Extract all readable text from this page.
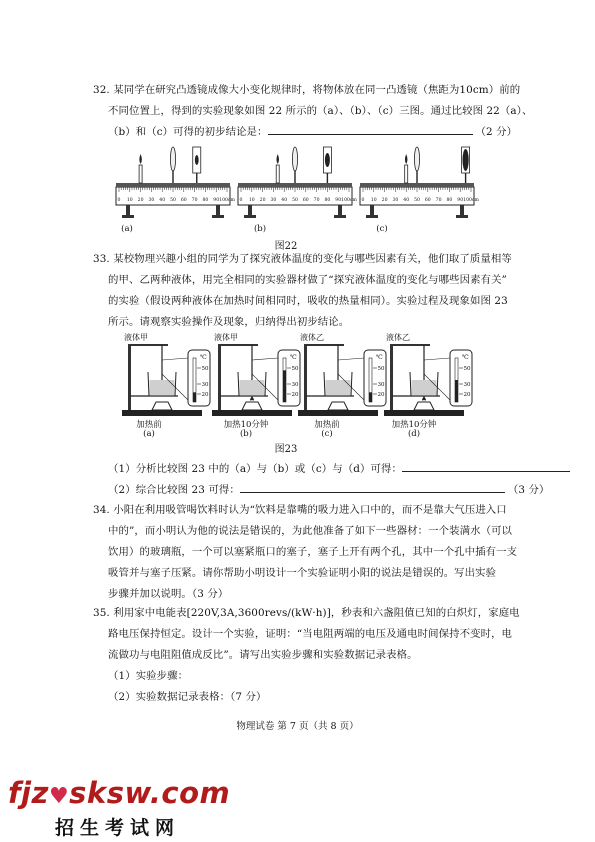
32. 某同学在研究凸透镜成像大小变化规律时，将物体放在同一凸透镜（焦距为10cm）前的
不同位置上，得到的实验现象如图 22 所示的（a）、（b）、（c）三图。通过比较图 22（a）、
（b）和（c）可得的初步结论是：	（2 分）
0 10 20 30 40 50 60 70 80 90 100cm 0 10 20 30 40 50 60 70 80 90 100cm 0 10 20 30 40 50 60 70 80 90 100cm
(a)	(b)	(c)
图22
33. 某校物理兴趣小组的同学为了探究液体温度的变化与哪些因素有关，他们取了质量相等
的甲、乙两种液体，用完全相同的实验器材做了“探究液体温度的变化与哪些因素有关”
的实验（假设两种液体在加热时间相同时，吸收的热量相同）。实验过程及现象如图 23
所示。请观察实验操作及现象，归纳得出初步结论。
液体甲
℃
50
30
20
液体甲
℃
50
30
20
液体乙
℃
50
30
20
液体乙
℃
50
30
20
加热前	加热10分钟	加热前	加热10分钟
(a)	(b)	(c)	(d)
图23
（1）分析比较图 23 中的（a）与（b）或（c）与（d）可得：
（2）综合比较图 23 可得：	（3 分）
34. 小阳在利用吸管喝饮料时认为“饮料是靠嘴的吸力进入口中的，而不是靠大气压进入口
中的”，而小明认为他的说法是错误的，为此他准备了如下一些器材：一个装满水（可以
饮用）的玻璃瓶，一个可以塞紧瓶口的塞子，塞子上开有两个孔，其中一个孔中插有一支
吸管并与塞子压紧。请你帮助小明设计一个实验证明小阳的说法是错误的。写出实验
步骤并加以说明。（3 分）
35. 利用家中电能表[220V,3A,3600revs/(kW·h)]，秒表和六盏阻值已知的白炽灯，家庭电
路电压保持恒定。设计一个实验，证明：“当电阻两端的电压及通电时间保持不变时，电
流做功与电阻阻值成反比”。请写出实验步骤和实验数据记录表格。
（1）实验步骤：
（2）实验数据记录表格：（7 分）
物理试卷 第 7 页（共 8 页）
fjz♥sksw.com
招生考试网
